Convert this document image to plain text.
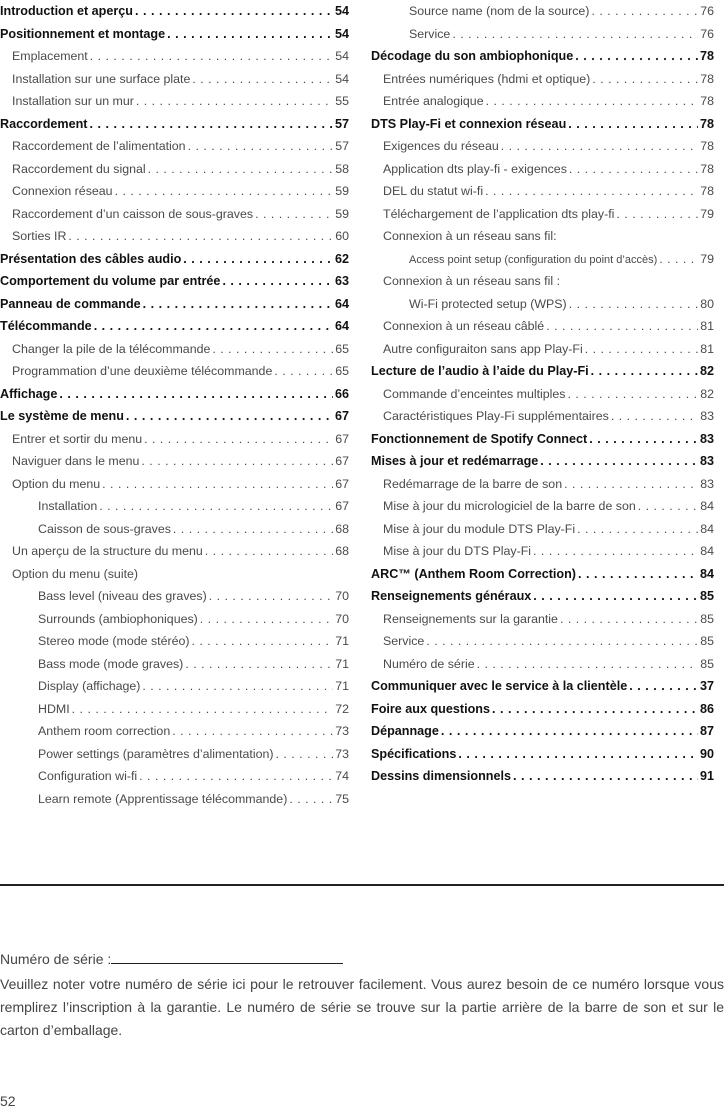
Introduction et aperçu . . .	54
Positionnement et montage . . .	54
Emplacement . . .	54
Installation sur une surface plate . . .	54
Installation sur un mur . . .	55
Raccordement . . .	57
Raccordement de l’alimentation . . .	57
Raccordement du signal . . .	58
Connexion réseau . . .	59
Raccordement d’un caisson de sous-graves . . .	59
Sorties IR . . .	60
Présentation des câbles audio . . .	62
Comportement du volume par entrée . . .	63
Panneau de commande . . .	64
Télécommande . . .	64
Changer la pile de la télécommande . . .	65
Programmation d’une deuxième télécommande . . .	65
Affichage . . .	66
Le système de menu . . .	67
Entrer et sortir du menu . . .	67
Naviguer dans le menu . . .	67
Option du menu . . .	67
Installation . . .	67
Caisson de sous-graves . . .	68
Un aperçu de la structure du menu . . .	68
Option du menu (suite)
Bass level (niveau des graves) . . .	70
Surrounds (ambiophoniques) . . .	70
Stereo mode (mode stéréo) . . .	71
Bass mode (mode graves) . . .	71
Display (affichage) . . .	71
HDMI . . .	72
Anthem room correction . . .	73
Power settings (paramètres d’alimentation) . . .	73
Configuration wi-fi . . .	74
Learn remote (Apprentissage télécommande) . . .	75
Source name (nom de la source) . . .	76
Service . . .	76
Décodage du son ambiophonique . . .	78
Entrées numériques (hdmi et optique) . . .	78
Entrée analogique . . .	78
DTS Play-Fi et connexion réseau . . .	78
Exigences du réseau . . .	78
Application dts play-fi - exigences . . .	78
DEL du statut wi-fi . . .	78
Téléchargement de l’application dts play-fi . . .	79
Connexion à un réseau sans fil:
Access point setup (configuration du point d’accès) . . .	79
Connexion à un réseau sans fil :
Wi-Fi protected setup (WPS) . . .	80
Connexion à un réseau câblé . . .	81
Autre configuraiton sans app Play-Fi . . .	81
Lecture de l’audio à l’aide du Play-Fi . . .	82
Commande d’enceintes multiples . . .	82
Caractéristiques Play-Fi supplémentaires . . .	83
Fonctionnement de Spotify Connect . . .	83
Mises à jour et redémarrage . . .	83
Redémarrage de la barre de son . . .	83
Mise à jour du micrologiciel de la barre de son . . .	84
Mise à jour du module DTS Play-Fi . . .	84
Mise à jour du DTS Play-Fi . . .	84
ARC™ (Anthem Room Correction) . . .	84
Renseignements généraux . . .	85
Renseignements sur la garantie . . .	85
Service . . .	85
Numéro de série . . .	85
Communiquer avec le service à la clientèle . . .	37
Foire aux questions . . .	86
Dépannage . . .	87
Spécifications . . .	90
Dessins dimensionnels . . .	91
Numéro de série :
Veuillez noter votre numéro de série ici pour le retrouver facilement. Vous aurez besoin de ce numéro lorsque vous remplirez l’inscription à la garantie. Le numéro de série se trouve sur la partie arrière de la barre de son et sur le carton d’emballage.
52
